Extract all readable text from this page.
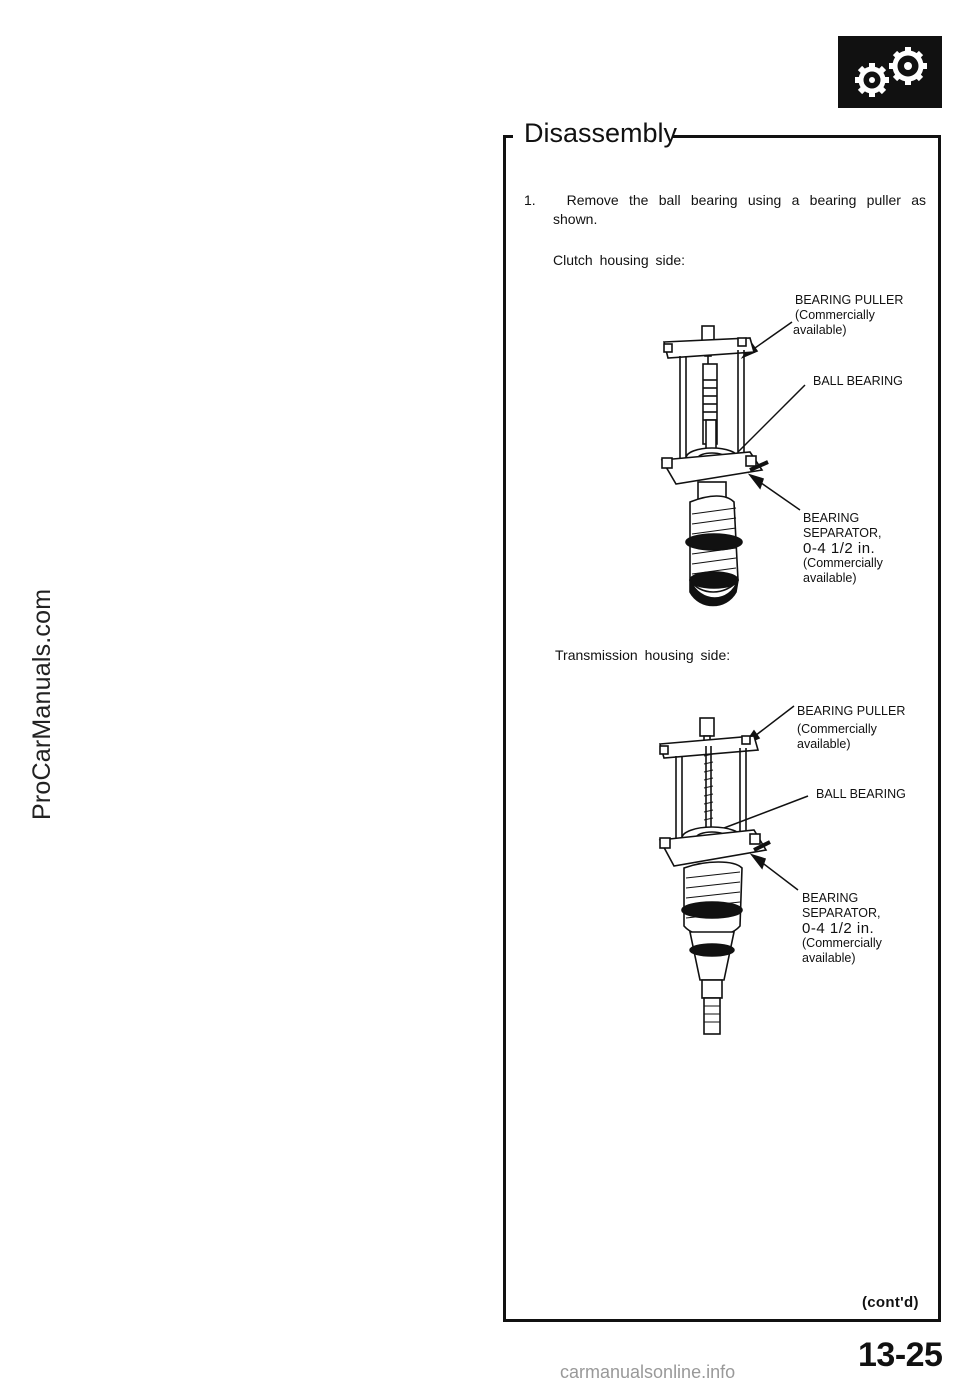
ProCarManuals.com
Disassembly
1. Remove the ball bearing using a bearing puller as
shown.
Clutch housing side:
BEARING PULLER
(Commercially
available)
BALL BEARING
BEARING
SEPARATOR,
0-4 1/2 in.
(Commercially
available)
Transmission housing side:
BEARING PULLER
(Commercially
available)
BALL BEARING
BEARING
SEPARATOR,
0-4 1/2 in.
(Commercially
available)
(cont'd)
13-25
carmanualsonline.info
